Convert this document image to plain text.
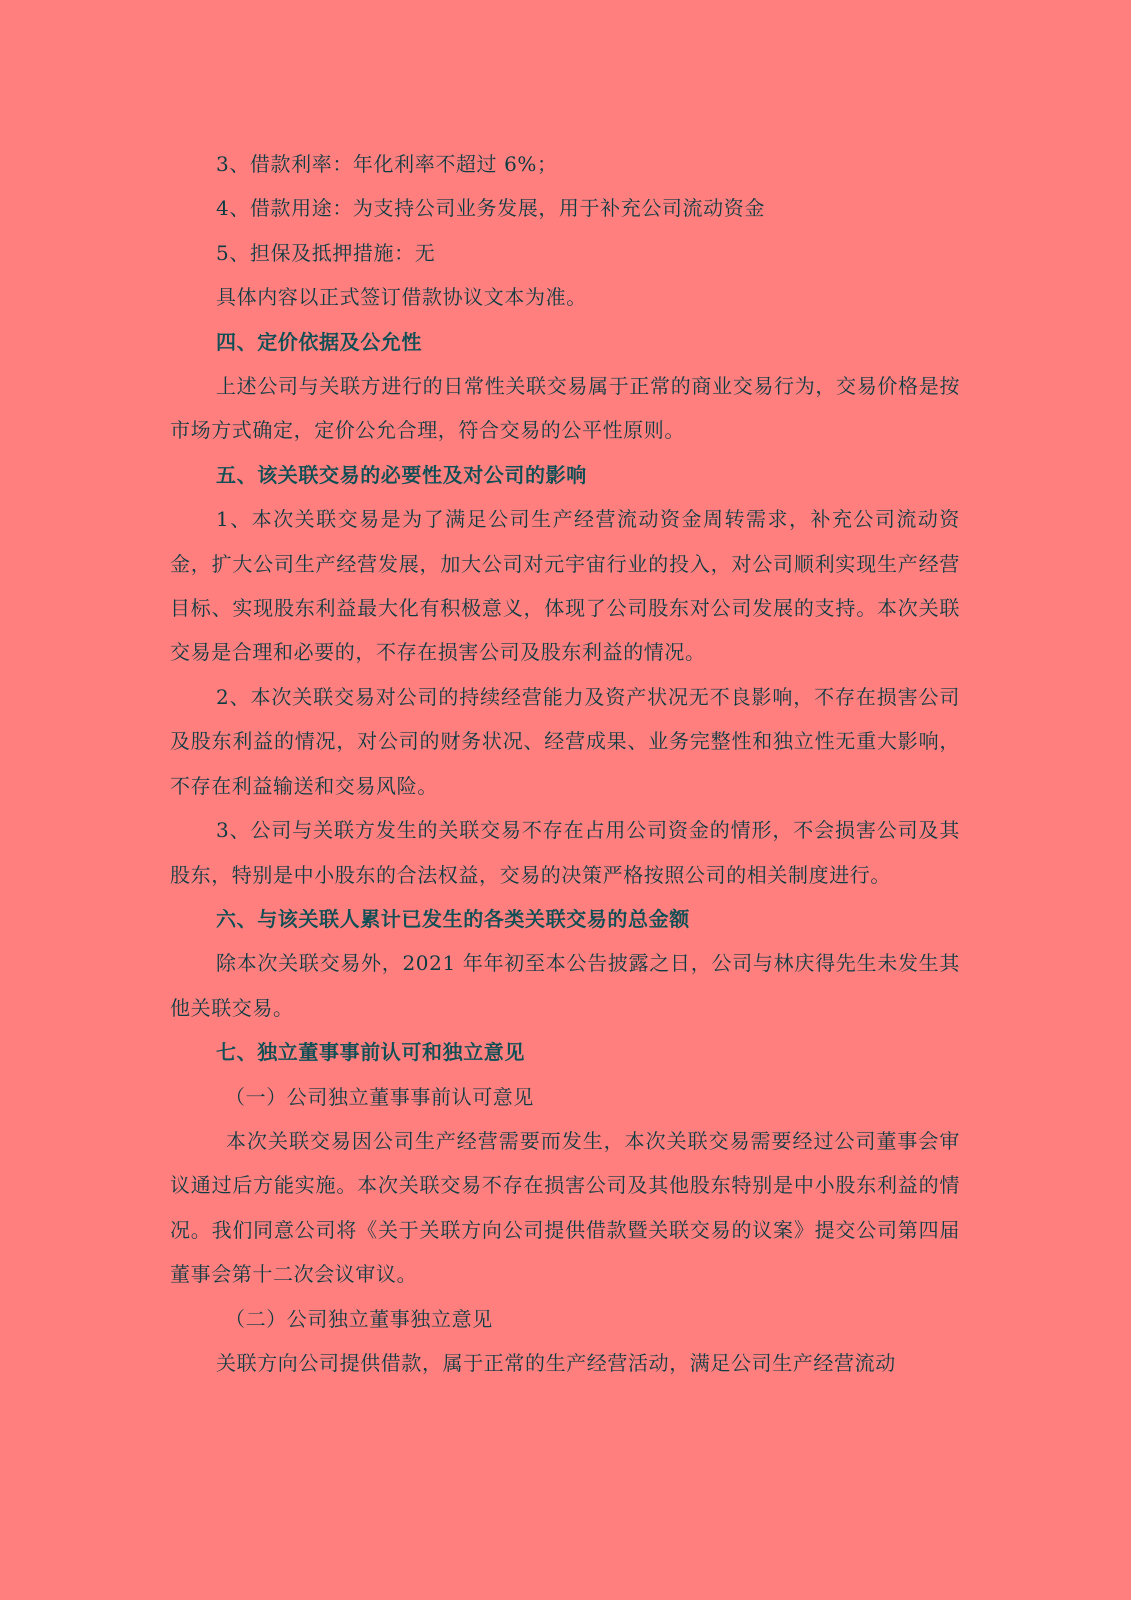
3、借款利率：年化利率不超过 6%；

4、借款用途：为支持公司业务发展，用于补充公司流动资金

5、担保及抵押措施：无

具体内容以正式签订借款协议文本为准。

四、定价依据及公允性

上述公司与关联方进行的日常性关联交易属于正常的商业交易行为，交易价格是按市场方式确定，定价公允合理，符合交易的公平性原则。

五、该关联交易的必要性及对公司的影响

1、本次关联交易是为了满足公司生产经营流动资金周转需求，补充公司流动资金，扩大公司生产经营发展，加大公司对元宇宙行业的投入，对公司顺利实现生产经营目标、实现股东利益最大化有积极意义，体现了公司股东对公司发展的支持。本次关联交易是合理和必要的，不存在损害公司及股东利益的情况。

2、本次关联交易对公司的持续经营能力及资产状况无不良影响，不存在损害公司及股东利益的情况，对公司的财务状况、经营成果、业务完整性和独立性无重大影响，不存在利益输送和交易风险。

3、公司与关联方发生的关联交易不存在占用公司资金的情形，不会损害公司及其股东，特别是中小股东的合法权益，交易的决策严格按照公司的相关制度进行。

六、与该关联人累计已发生的各类关联交易的总金额

除本次关联交易外，2021 年年初至本公告披露之日，公司与林庆得先生未发生其他关联交易。

七、独立董事事前认可和独立意见

（一）公司独立董事事前认可意见

本次关联交易因公司生产经营需要而发生，本次关联交易需要经过公司董事会审议通过后方能实施。本次关联交易不存在损害公司及其他股东特别是中小股东利益的情况。我们同意公司将《关于关联方向公司提供借款暨关联交易的议案》提交公司第四届董事会第十二次会议审议。

（二）公司独立董事独立意见

关联方向公司提供借款，属于正常的生产经营活动，满足公司生产经营流动
